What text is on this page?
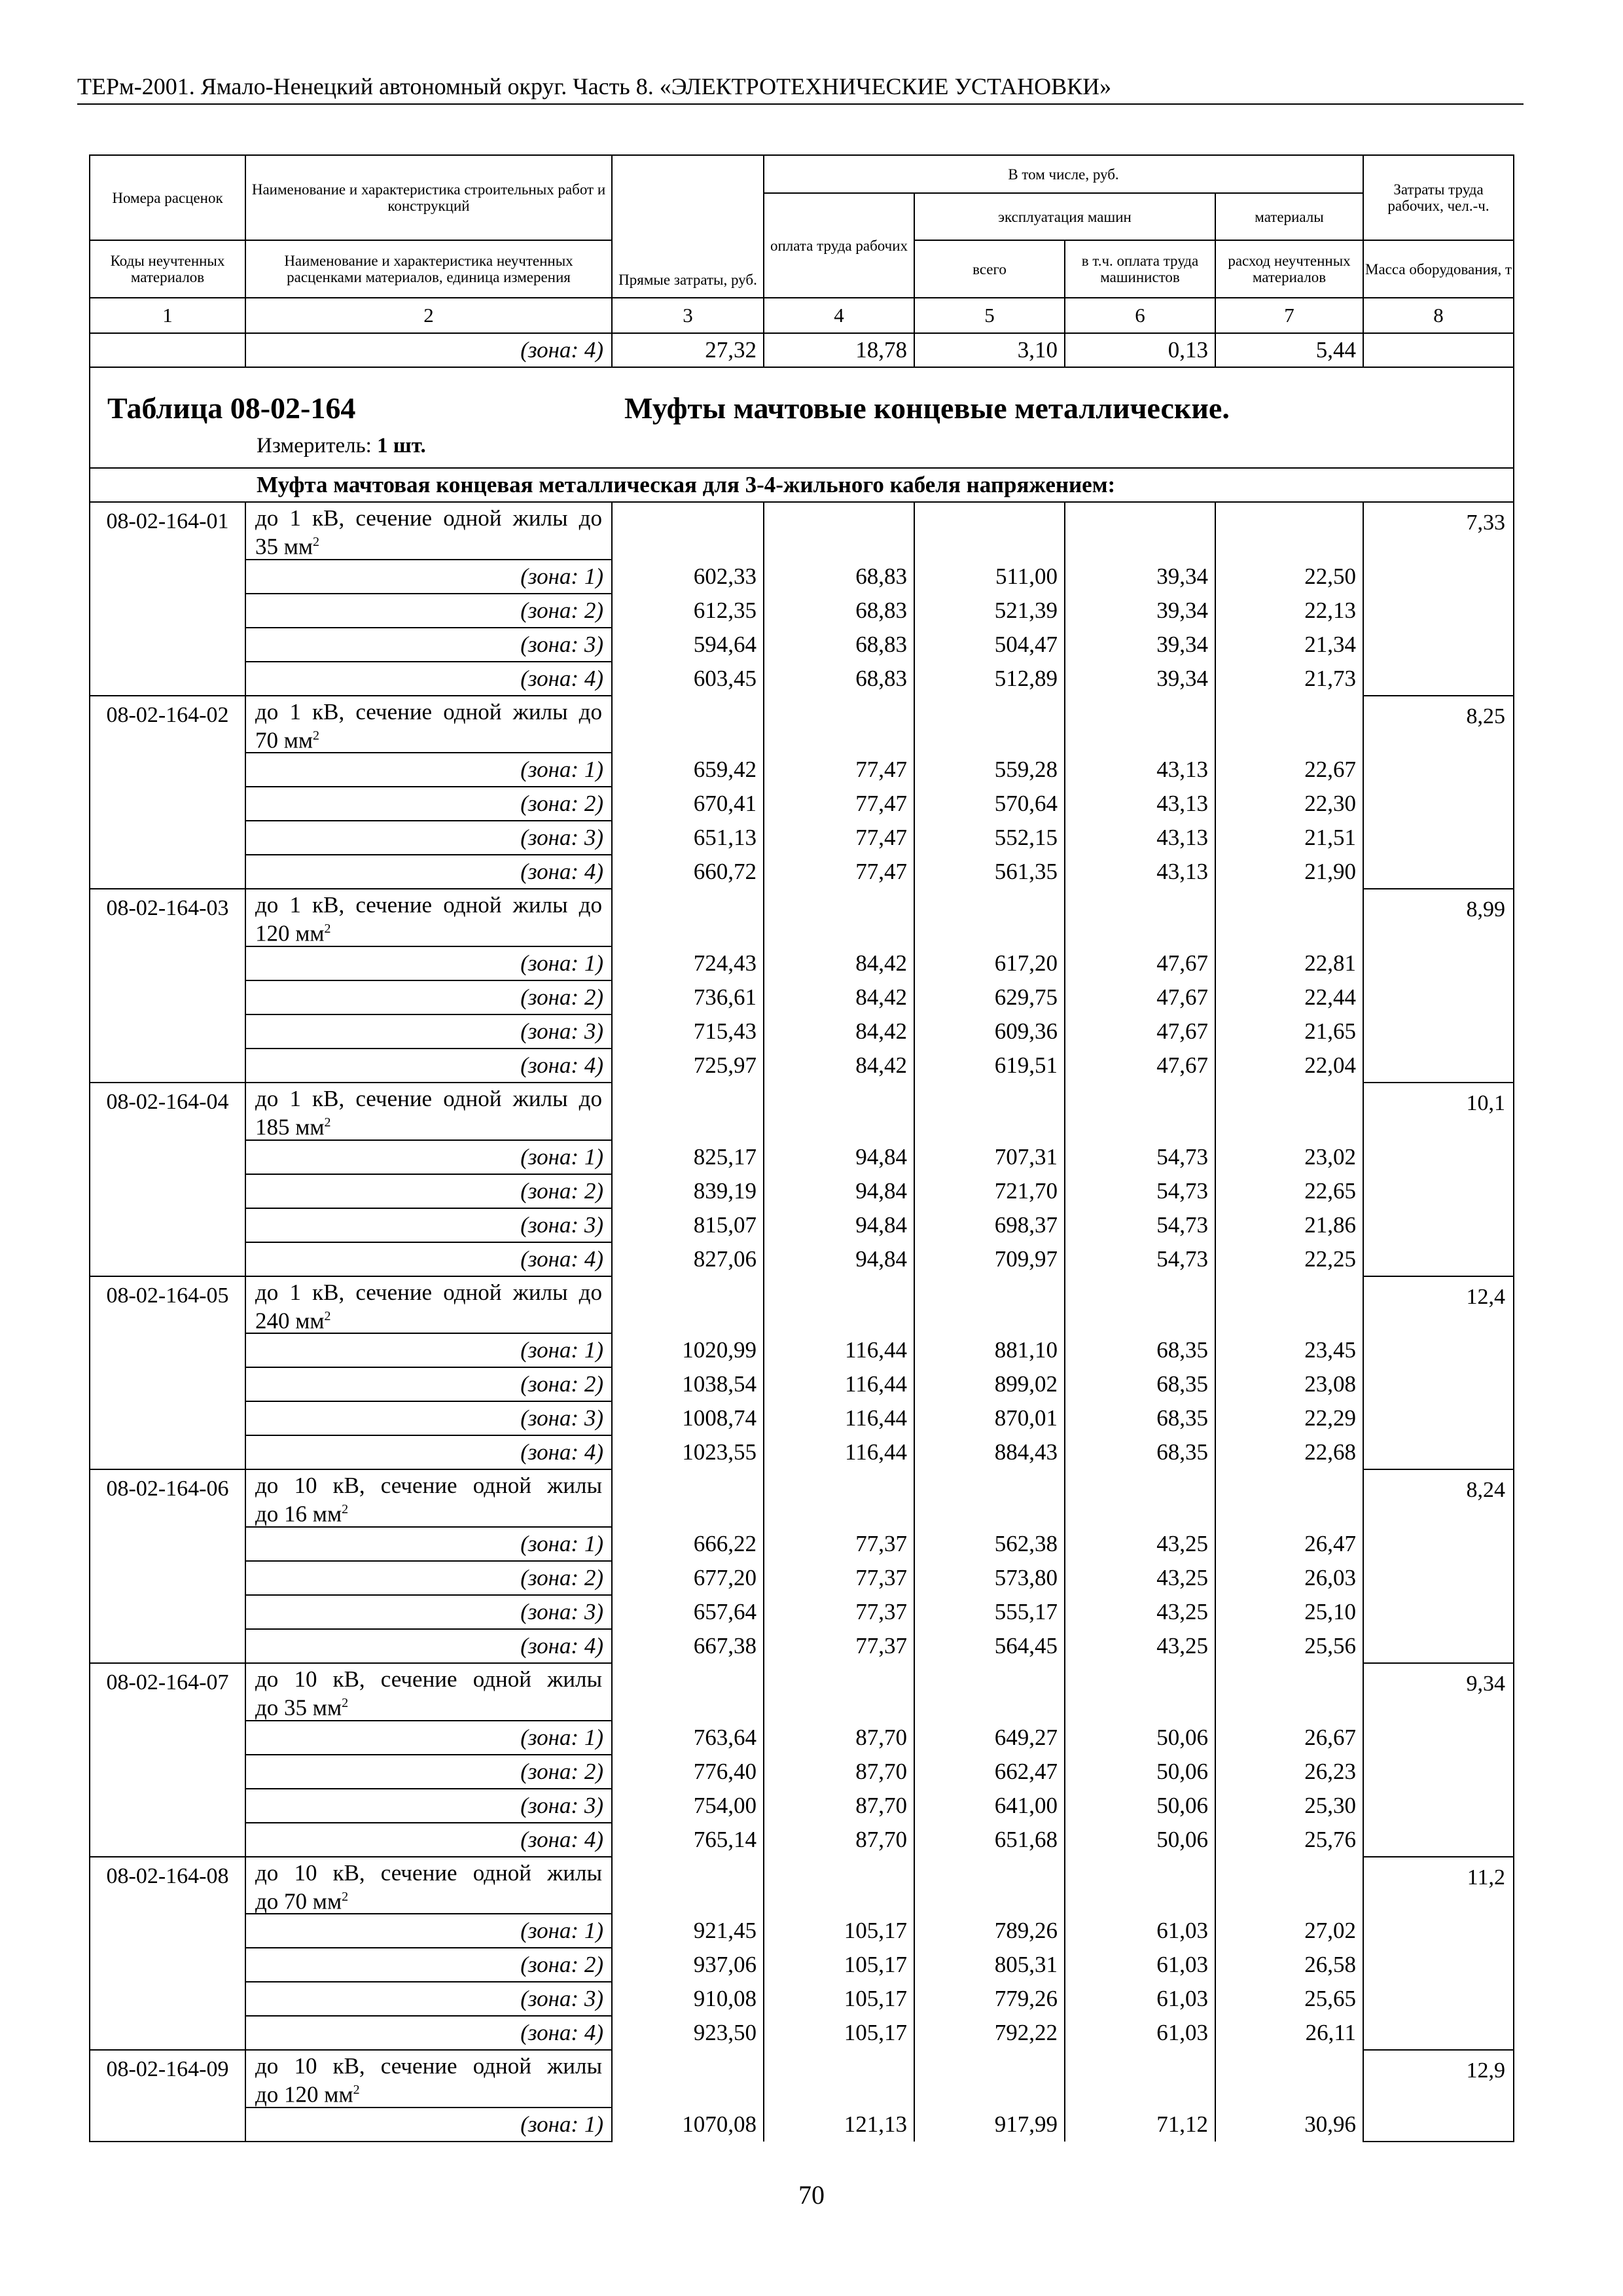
ТЕРм-2001. Ямало-Ненецкий автономный округ. Часть 8. «ЭЛЕКТРОТЕХНИЧЕСКИЕ УСТАНОВКИ»
Номера расценок	Наименование и характеристика строительных работ и конструкций	Прямые затраты, руб.	В том числе, руб.				Затраты труда рабочих, чел.-ч.
			оплата труда рабочих	эксплуатация машин		материалы	

Коды неучтенных материалов	Наименование и характеристика неучтенных расценками материалов, единица измерения			всего	в т.ч. оплата труда машинистов	расход неучтенных материалов	Масса оборудования, т

1	2	3	4	5	6	7	8
	(зона: 4)	27,32	18,78	3,10	0,13	5,44	

Таблица 08-02-164 Муфты мачтовые концевые металлические.
Измеритель: 1 шт.							

Муфта мачтовая концевая металлическая для 3-4-жильного кабеля напряжением:							
08-02-164-01	до 1 кВ, сечение одной жилы до
35 $мм^2$						7,33
	(зона: 1)	602,33	68,83	511,00	39,34	22,50	
	(зона: 2)	612,35	68,83	521,39	39,34	22,13	
	(зона: 3)	594,64	68,83	504,47	39,34	21,34	
	(зона: 4)	603,45	68,83	512,89	39,34	21,73	
08-02-164-02	до 1 кВ, сечение одной жилы до
70 $мм^2$						8,25
	(зона: 1)	659,42	77,47	559,28	43,13	22,67	
	(зона: 2)	670,41	77,47	570,64	43,13	22,30	
	(зона: 3)	651,13	77,47	552,15	43,13	21,51	
	(зона: 4)	660,72	77,47	561,35	43,13	21,90	
08-02-164-03	до 1 кВ, сечение одной жилы до
120 $мм^2$						8,99
	(зона: 1)	724,43	84,42	617,20	47,67	22,81	
	(зона: 2)	736,61	84,42	629,75	47,67	22,44	
	(зона: 3)	715,43	84,42	609,36	47,67	21,65	
	(зона: 4)	725,97	84,42	619,51	47,67	22,04	
08-02-164-04	до 1 кВ, сечение одной жилы до
185 $мм^2$						10,1
	(зона: 1)	825,17	94,84	707,31	54,73	23,02	
	(зона: 2)	839,19	94,84	721,70	54,73	22,65	
	(зона: 3)	815,07	94,84	698,37	54,73	21,86	
	(зона: 4)	827,06	94,84	709,97	54,73	22,25	
08-02-164-05	до 1 кВ, сечение одной жилы до
240 $мм^2$						12,4
	(зона: 1)	1020,99	116,44	881,10	68,35	23,45	
	(зона: 2)	1038,54	116,44	899,02	68,35	23,08	
	(зона: 3)	1008,74	116,44	870,01	68,35	22,29	
	(зона: 4)	1023,55	116,44	884,43	68,35	22,68	
08-02-164-06	до 10 кВ, сечение одной жилы
до 16 $мм^2$						8,24
	(зона: 1)	666,22	77,37	562,38	43,25	26,47	
	(зона: 2)	677,20	77,37	573,80	43,25	26,03	
	(зона: 3)	657,64	77,37	555,17	43,25	25,10	
	(зона: 4)	667,38	77,37	564,45	43,25	25,56	
08-02-164-07	до 10 кВ, сечение одной жилы
до 35 $мм^2$						9,34
	(зона: 1)	763,64	87,70	649,27	50,06	26,67	
	(зона: 2)	776,40	87,70	662,47	50,06	26,23	
	(зона: 3)	754,00	87,70	641,00	50,06	25,30	
	(зона: 4)	765,14	87,70	651,68	50,06	25,76	
08-02-164-08	до 10 кВ, сечение одной жилы
до 70 $мм^2$						11,2
	(зона: 1)	921,45	105,17	789,26	61,03	27,02	
	(зона: 2)	937,06	105,17	805,31	61,03	26,58	
	(зона: 3)	910,08	105,17	779,26	61,03	25,65	
	(зона: 4)	923,50	105,17	792,22	61,03	26,11	
08-02-164-09	до 10 кВ, сечение одной жилы
до 120 $мм^2$						12,9
	(зона: 1)	1070,08	121,13	917,99	71,12	30,96	
70
